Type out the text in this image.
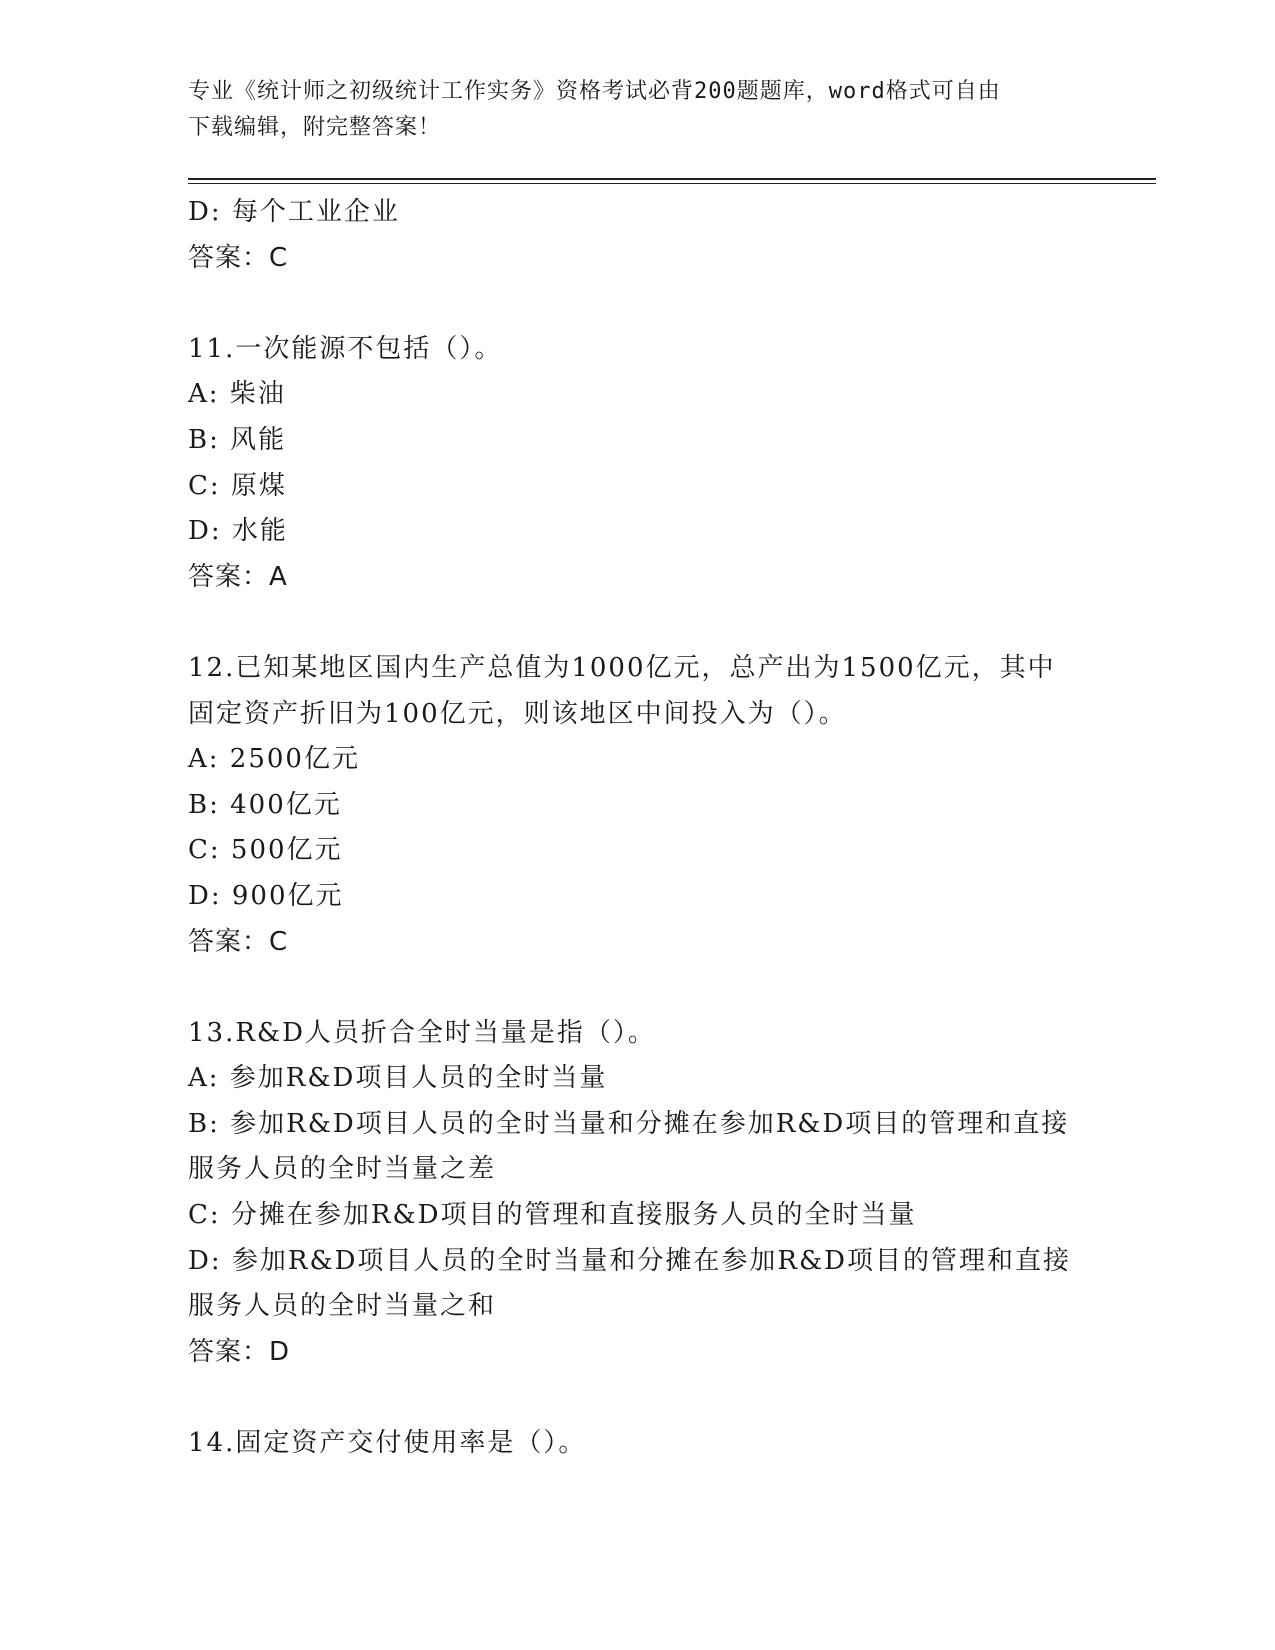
专业《统计师之初级统计工作实务》资格考试必背200题题库，word格式可自由
下载编辑，附完整答案！
D: 每个工业企业
答案：C
11.一次能源不包括（）。
A: 柴油
B: 风能
C: 原煤
D: 水能
答案：A
12.已知某地区国内生产总值为1000亿元，总产出为1500亿元，其中
固定资产折旧为100亿元，则该地区中间投入为（）。
A: 2500亿元
B: 400亿元
C: 500亿元
D: 900亿元
答案：C
13.R&D人员折合全时当量是指（）。
A: 参加R&D项目人员的全时当量
B: 参加R&D项目人员的全时当量和分摊在参加R&D项目的管理和直接
服务人员的全时当量之差
C: 分摊在参加R&D项目的管理和直接服务人员的全时当量
D: 参加R&D项目人员的全时当量和分摊在参加R&D项目的管理和直接
服务人员的全时当量之和
答案：D
14.固定资产交付使用率是（）。
